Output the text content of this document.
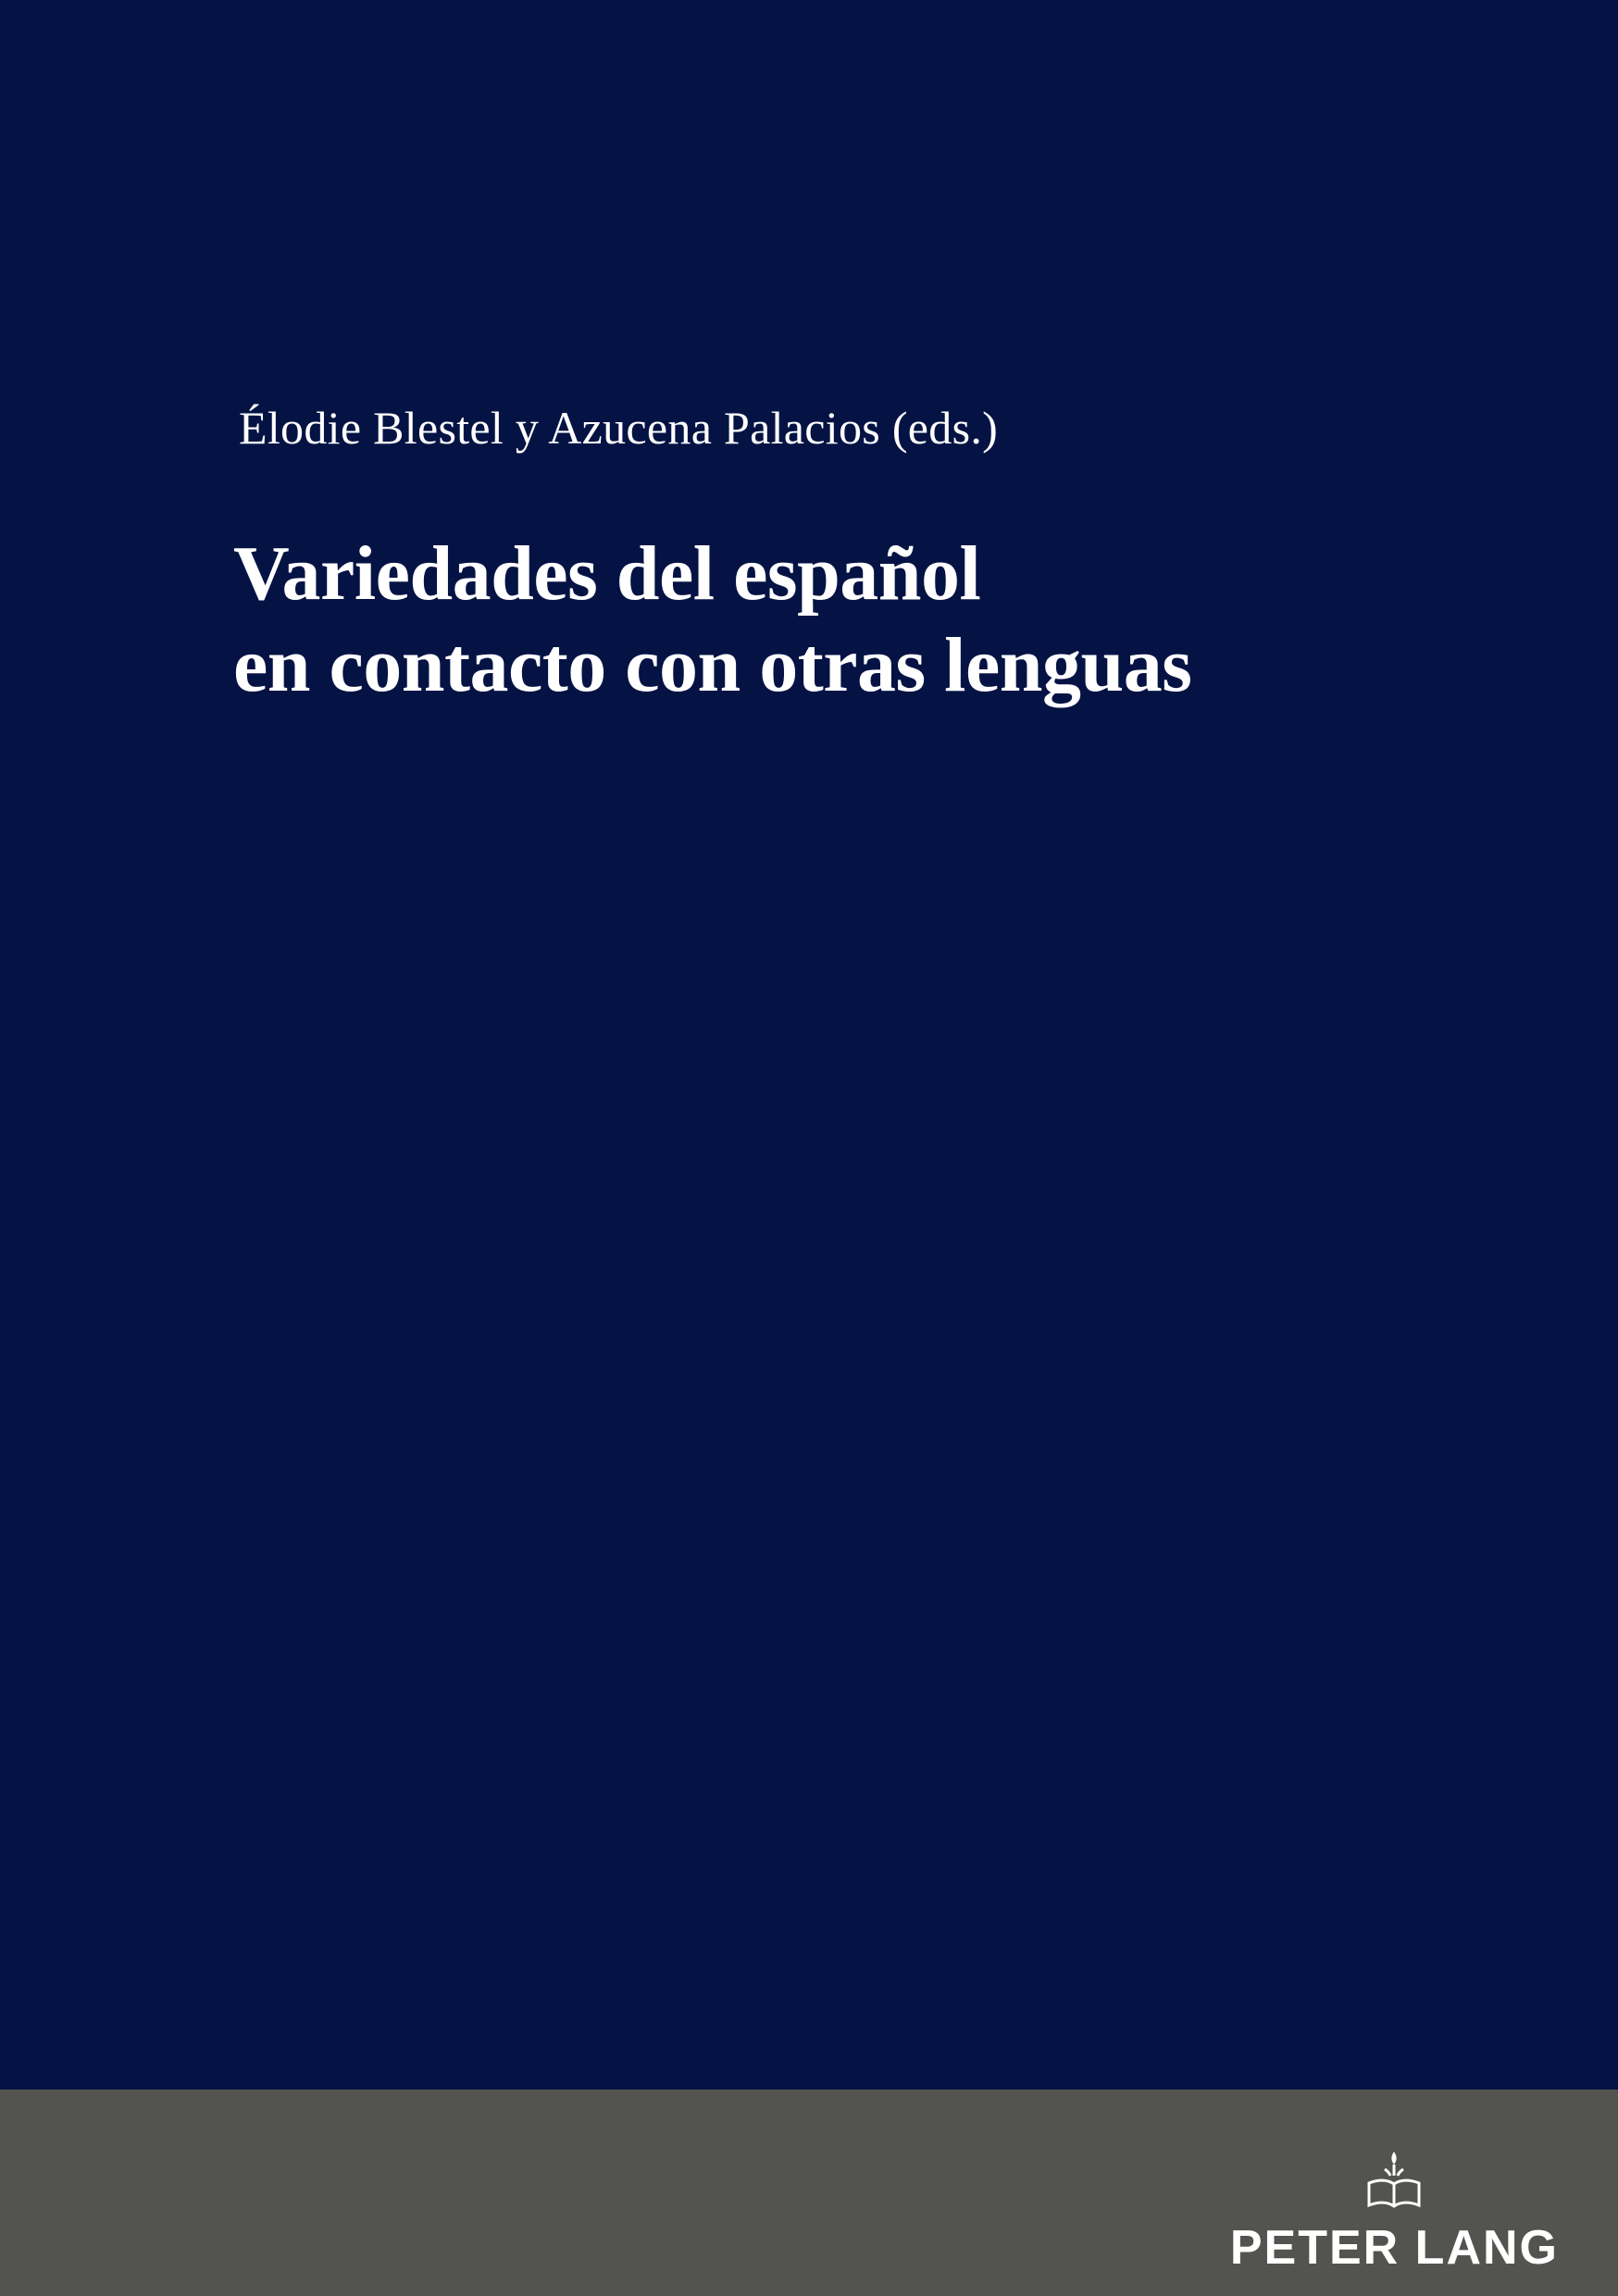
Élodie Blestel y Azucena Palacios (eds.)
Variedades del español
en contacto con otras lenguas
PETER LANG
